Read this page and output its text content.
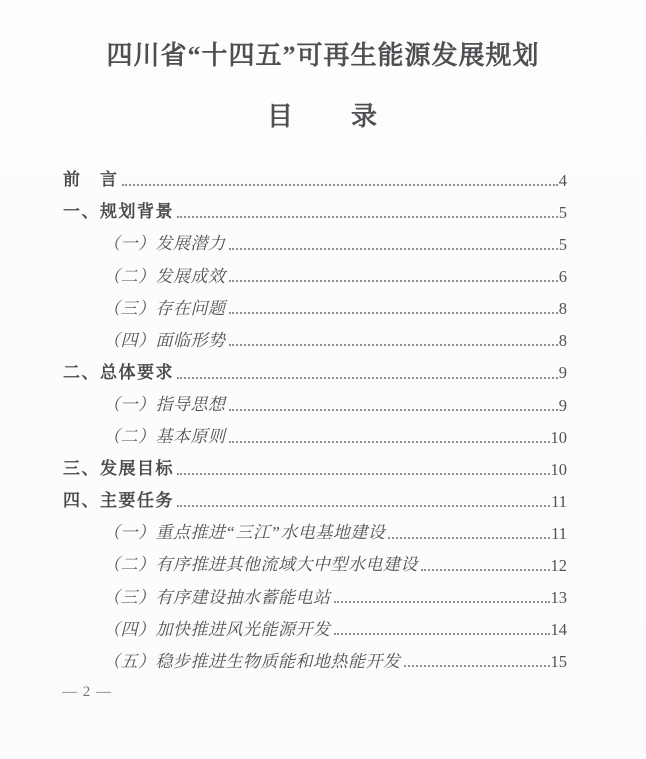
四川省“十四五”可再生能源发展规划
目　　录
前　言	4
一、规划背景	5
（一）发展潜力	5
（二）发展成效	6
（三）存在问题	8
（四）面临形势	8
二、总体要求	9
（一）指导思想	9
（二）基本原则	10
三、发展目标	10
四、主要任务	11
（一）重点推进“三江”水电基地建设	11
（二）有序推进其他流域大中型水电建设	12
（三）有序建设抽水蓄能电站	13
（四）加快推进风光能源开发	14
（五）稳步推进生物质能和地热能开发	15
— 2 —
